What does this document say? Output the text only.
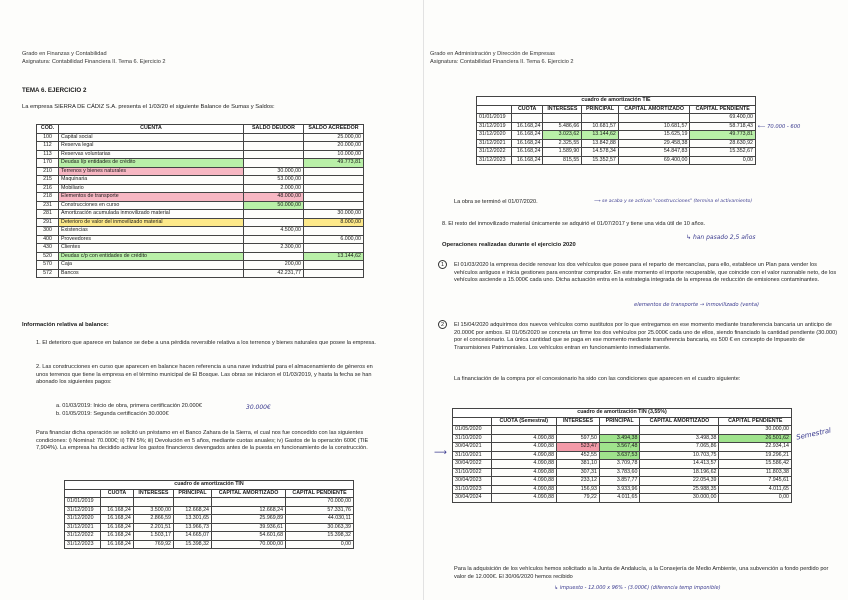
Grado en Finanzas y Contabilidad
Asignatura: Contabilidad Financiera II. Tema 6. Ejercicio 2
TEMA 6. EJERCICIO 2
La empresa SIERRA DE CÁDIZ S.A. presenta el 1/03/20 el siguiente Balance de Sumas y Saldos:
COD.	CUENTA	SALDO DEUDOR	SALDO ACREEDOR
100	Capital social		25.000,00
112	Reserva legal		20.000,00
113	Reservas voluntarias		10.000,00
170	Deudas l/p entidades de crédito		49.773,81
210	Terrenos y bienes naturales	30.000,00	
215	Maquinaria	53.000,00	
216	Mobiliario	2.000,00	
218	Elementos de transporte	48.000,00	
231	Construcciones en curso	50.000,00	
281	Amortización acumulada inmovilizado material		30.000,00
291	Deterioro de valor del inmovilizado material		8.000,00
300	Existencias	4.500,00	
400	Proveedores		6.000,00
430	Clientes	2.300,00	
520	Deudas c/p con entidades de crédito		13.144,62
570	Caja	200,00	
572	Bancos	42.231,77	
Información relativa al balance:

1. El deterioro que aparece en balance se debe a una pérdida reversible relativa a los terrenos y bienes naturales que posee la empresa.

2. Las construcciones en curso que aparecen en balance hacen referencia a una nave industrial para el almacenamiento de géneros en unos terrenos que tiene la empresa en el término municipal de El Bosque. Las obras se iniciaron el 01/03/2019, y hasta la fecha se han abonado los siguientes pagos:

a. 01/03/2019: Inicio de obra, primera certificación 20.000€

b. 01/05/2019: Segunda certificación 30.000€

30.000€

Para financiar dicha operación se solicitó un préstamo en el Banco Zahara de la Sierra, el cual nos fue concedido con las siguientes condiciones: i) Nominal: 70.000€; ii) TIN 5%; iii) Devolución en 5 años, mediante cuotas anuales; iv) Gastos de la operación 600€ (TIE 7,904%). La empresa ha decidido activar los gastos financieros devengados antes de la puesta en funcionamiento de la construcción.

cuadro de amortización TIN					
	CUOTA	INTERESES	PRINCIPAL	CAPITAL AMORTIZADO	CAPITAL PENDIENTE
01/01/2019					70.000,00
31/12/2019	16.168,24	3.500,00	12.668,24	12.668,24	57.331,76
31/12/2020	16.168,24	2.866,59	13.301,65	25.969,89	44.030,11
31/12/2021	16.168,24	2.201,51	13.966,73	39.936,61	30.063,39
31/12/2022	16.168,24	1.503,17	14.665,07	54.601,68	15.398,32
31/12/2023	16.168,24	769,92	15.398,32	70.000,00	0,00
Grado en Administración y Dirección de Empresas
Asignatura: Contabilidad Financiera II. Tema 6. Ejercicio 2
cuadro de amortización TIE					
	CUOTA	INTERESES	PRINCIPAL	CAPITAL AMORTIZADO	CAPITAL PENDIENTE
01/01/2019					69.400,00
31/12/2019	16.168,24	5.486,66	10.681,57	10.681,57	58.718,43
31/12/2020	16.168,24	3.023,62	13.144,62	15.625,19	49.773,81
31/12/2021	16.168,24	2.325,55	13.842,88	29.458,38	28.630,92
31/12/2022	16.168,24	1.589,90	14.578,34	54.847,83	15.352,67
31/12/2023	16.168,24	815,55	15.352,57	69.400,00	0,00
⟵ 70.000 - 600
La obra se terminó el 01/07/2020.	⟶ se acaba y se activan "construcciones" (termina el activamiento)

8. El resto del inmovilizado material únicamente se adquirió el 01/07/2017 y tiene una vida útil de 10 años.

↳ han pasado 2,5 años
Operaciones realizadas durante el ejercicio 2020
1	El 01/03/2020 la empresa decide renovar los dos vehículos que posee para el reparto de mercancías, para ello, establece un Plan para vender los vehículos antiguos e inicia gestiones para encontrar comprador. En este momento el importe recuperable, que coincide con el valor razonable neto, de los vehículos asciende a 15.000€ cada uno. Dicha actuación entra en la estrategia integrada de la empresa de reducción de emisiones contaminantes.

elementos de transporte → inmovilizado (venta)
2	El 15/04/2020 adquirimos dos nuevos vehículos como sustitutos por lo que entregamos en ese momento mediante transferencia bancaria un anticipo de 20.000€ por ambos. El 01/05/2020 se concreta un firme los dos vehículos por 25.000€ cada uno de ellos, siendo financiado la cantidad pendiente (30.000) por el concesionario. La única cantidad que se paga en ese momento mediante transferencia bancaria, es 500 € en concepto de Impuesto de Transmisiones Patrimoniales. Los vehículos entran en funcionamiento inmediatamente.

La financiación de la compra por el concesionario ha sido con las condiciones que aparecen en el cuadro siguiente:

cuadro de amortización TIN (3,55%)					
	CUOTA (Semestral)	INTERESES	PRINCIPAL	CAPITAL AMORTIZADO	CAPITAL PENDIENTE
01/05/2020					30.000,00
31/10/2020	4.090,88	597,50	3.494,38	3.498,38	26.501,62
30/04/2021	4.090,88	523,47	3.567,48	7.065,86	22.934,14
31/10/2021	4.090,88	452,55	3.637,53	10.703,75	19.296,21
30/04/2022	4.090,88	381,10	3.709,78	14.413,57	15.586,42
31/10/2022	4.090,88	307,31	3.783,60	18.196,62	11.803,38
30/04/2023	4.090,88	233,12	3.857,77	22.054,39	7.945,61
31/10/2023	4.090,88	156,93	3.933,96	25.988,35	4.011,65
30/04/2024	4.090,88	79,22	4.011,65	30.000,00	0,00
Semestral
⟶

Para la adquisición de los vehículos hemos solicitado a la Junta de Andalucía, a la Consejería de Medio Ambiente, una subvención a fondo perdido por valor de 12.000€. El 30/06/2020 hemos recibido

↳ impuesto - 12.000 x 96% - (3.000€) (diferencia temp imponible)
